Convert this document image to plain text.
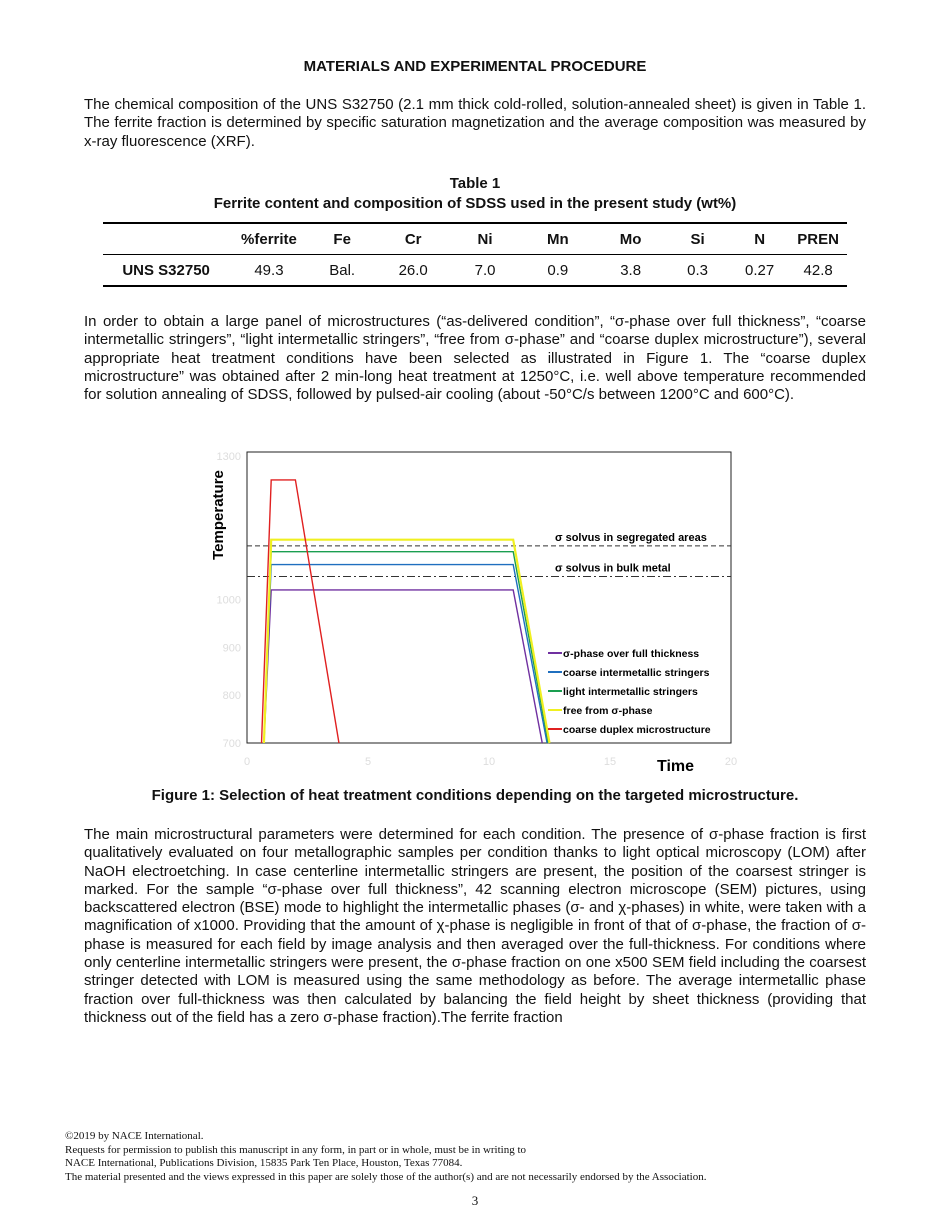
MATERIALS AND EXPERIMENTAL PROCEDURE

The chemical composition of the UNS S32750 (2.1 mm thick cold-rolled, solution-annealed sheet) is given in Table 1. The ferrite fraction is determined by specific saturation magnetization and the average composition was measured by x-ray fluorescence (XRF).

Table 1
Ferrite content and composition of SDSS used in the present study (wt%)
	%ferrite	Fe	Cr	Ni	Mn	Mo	Si	N	PREN
UNS S32750	49.3	Bal.	26.0	7.0	0.9	3.8	0.3	0.27	42.8

In order to obtain a large panel of microstructures (“as-delivered condition”, “σ-phase over full thickness”, “coarse intermetallic stringers”, “light intermetallic stringers”, “free from σ-phase” and “coarse duplex microstructure”), several appropriate heat treatment conditions have been selected as illustrated in Figure 1. The “coarse duplex microstructure” was obtained after 2 min-long heat treatment at 1250°C, i.e. well above temperature recommended for solution annealing of SDSS, followed by pulsed-air cooling (about -50°C/s between 1200°C and 600°C).

700
800
900
1000
1300
0	5	10	15	20
σ solvus in segregated areas
σ solvus in bulk metal
σ-phase over full thickness
coarse intermetallic stringers
light intermetallic stringers
free from σ-phase
coarse duplex microstructure
Temperature
Time
Figure 1: Selection of heat treatment conditions depending on the targeted microstructure.

The main microstructural parameters were determined for each condition. The presence of σ-phase fraction is first qualitatively evaluated on four metallographic samples per condition thanks to light optical microscopy (LOM) after NaOH electroetching. In case centerline intermetallic stringers are present, the position of the coarsest stringer is marked. For the sample “σ-phase over full thickness”, 42 scanning electron microscope (SEM) pictures, using backscattered electron (BSE) mode to highlight the intermetallic phases (σ- and χ-phases) in white, were taken with a magnification of x1000. Providing that the amount of χ-phase is negligible in front of that of σ-phase, the fraction of σ-phase is measured for each field by image analysis and then averaged over the full-thickness. For conditions where only centerline intermetallic stringers were present, the σ-phase fraction on one x500 SEM field including the coarsest stringer detected with LOM is measured using the same methodology as before. The average intermetallic phase fraction over full-thickness was then calculated by balancing the field height by sheet thickness (providing that thickness out of the field has a zero σ-phase fraction).The ferrite fraction

©2019 by NACE International.
Requests for permission to publish this manuscript in any form, in part or in whole, must be in writing to
NACE International, Publications Division, 15835 Park Ten Place, Houston, Texas 77084.
The material presented and the views expressed in this paper are solely those of the author(s) and are not necessarily endorsed by the Association.
3
